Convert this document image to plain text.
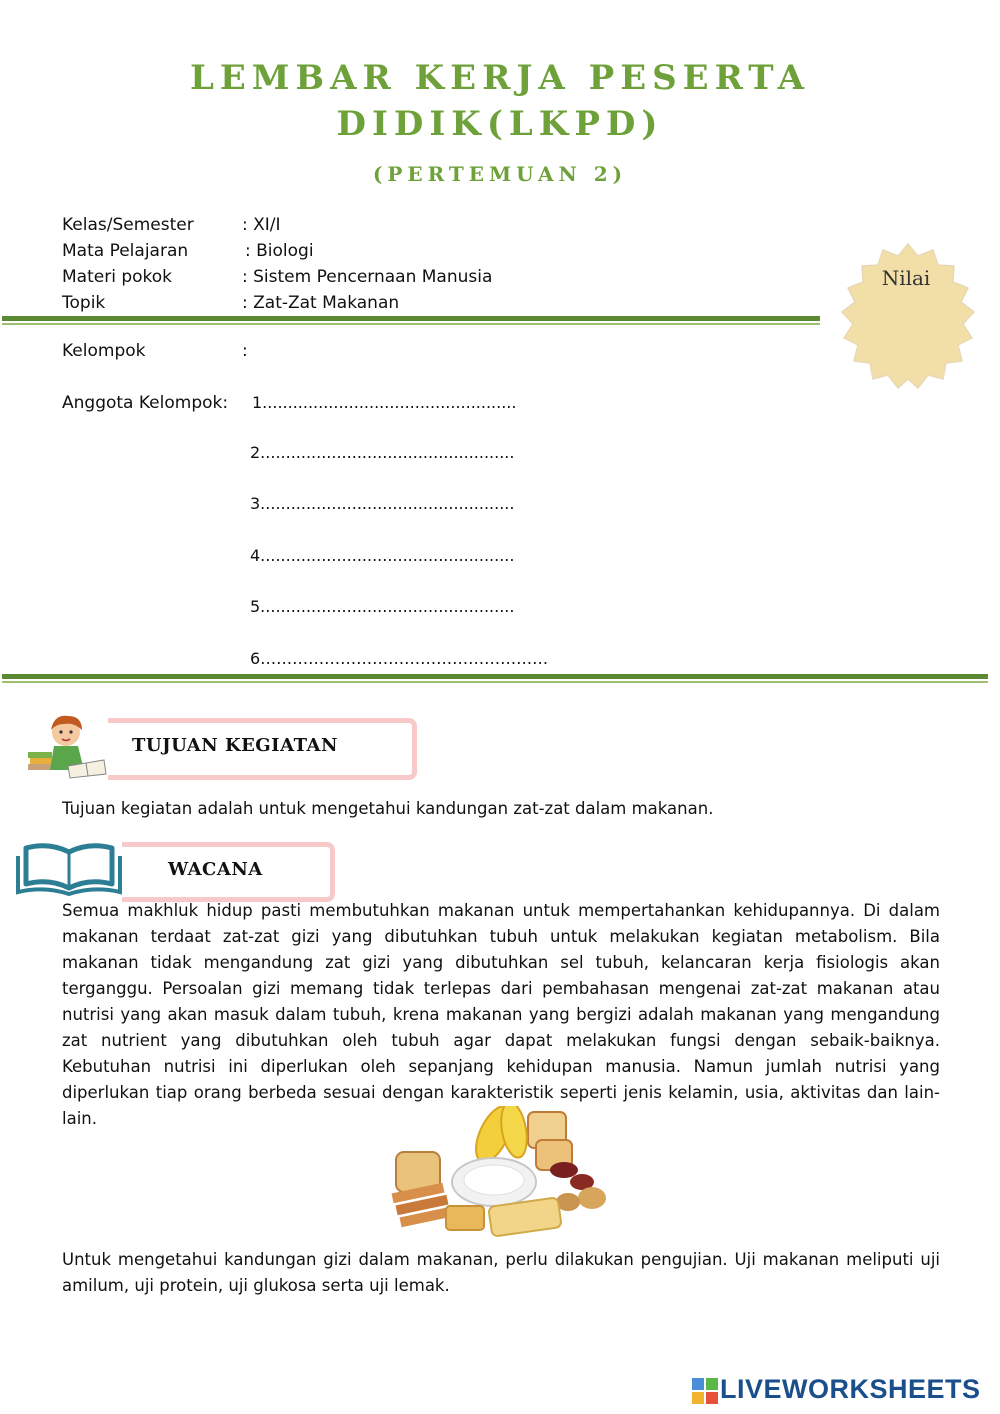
LEMBAR KERJA PESERTA
DIDIK(LKPD)
(PERTEMUAN 2)
Kelas/Semester	: XI/I
Mata Pelajaran	: Biologi
Materi pokok	: Sistem Pencernaan Manusia
Topik	: Zat-Zat Makanan
Nilai
Kelompok	:
Anggota Kelompok: 1..................................................
2..................................................
3..................................................
4..................................................
5..................................................
6………………………………………………
TUJUAN KEGIATAN
Tujuan kegiatan adalah untuk mengetahui kandungan zat-zat dalam makanan.
WACANA
Semua makhluk hidup pasti membutuhkan makanan untuk mempertahankan kehidupannya. Di dalam makanan terdaat zat-zat gizi yang dibutuhkan tubuh untuk melakukan kegiatan metabolism. Bila makanan tidak mengandung zat gizi yang dibutuhkan sel tubuh, kelancaran kerja fisiologis akan terganggu. Persoalan gizi memang tidak terlepas dari pembahasan mengenai zat-zat makanan atau nutrisi yang akan masuk dalam tubuh, krena makanan yang bergizi adalah makanan yang mengandung zat nutrient yang dibutuhkan oleh tubuh agar dapat melakukan fungsi dengan sebaik-baiknya. Kebutuhan nutrisi ini diperlukan oleh sepanjang kehidupan manusia. Namun jumlah nutrisi yang diperlukan tiap orang berbeda sesuai dengan karakteristik seperti jenis kelamin, usia, aktivitas dan lain-lain.
Untuk mengetahui kandungan gizi dalam makanan, perlu dilakukan pengujian. Uji makanan meliputi uji amilum, uji protein, uji glukosa serta uji lemak.
LIVEWORKSHEETS
